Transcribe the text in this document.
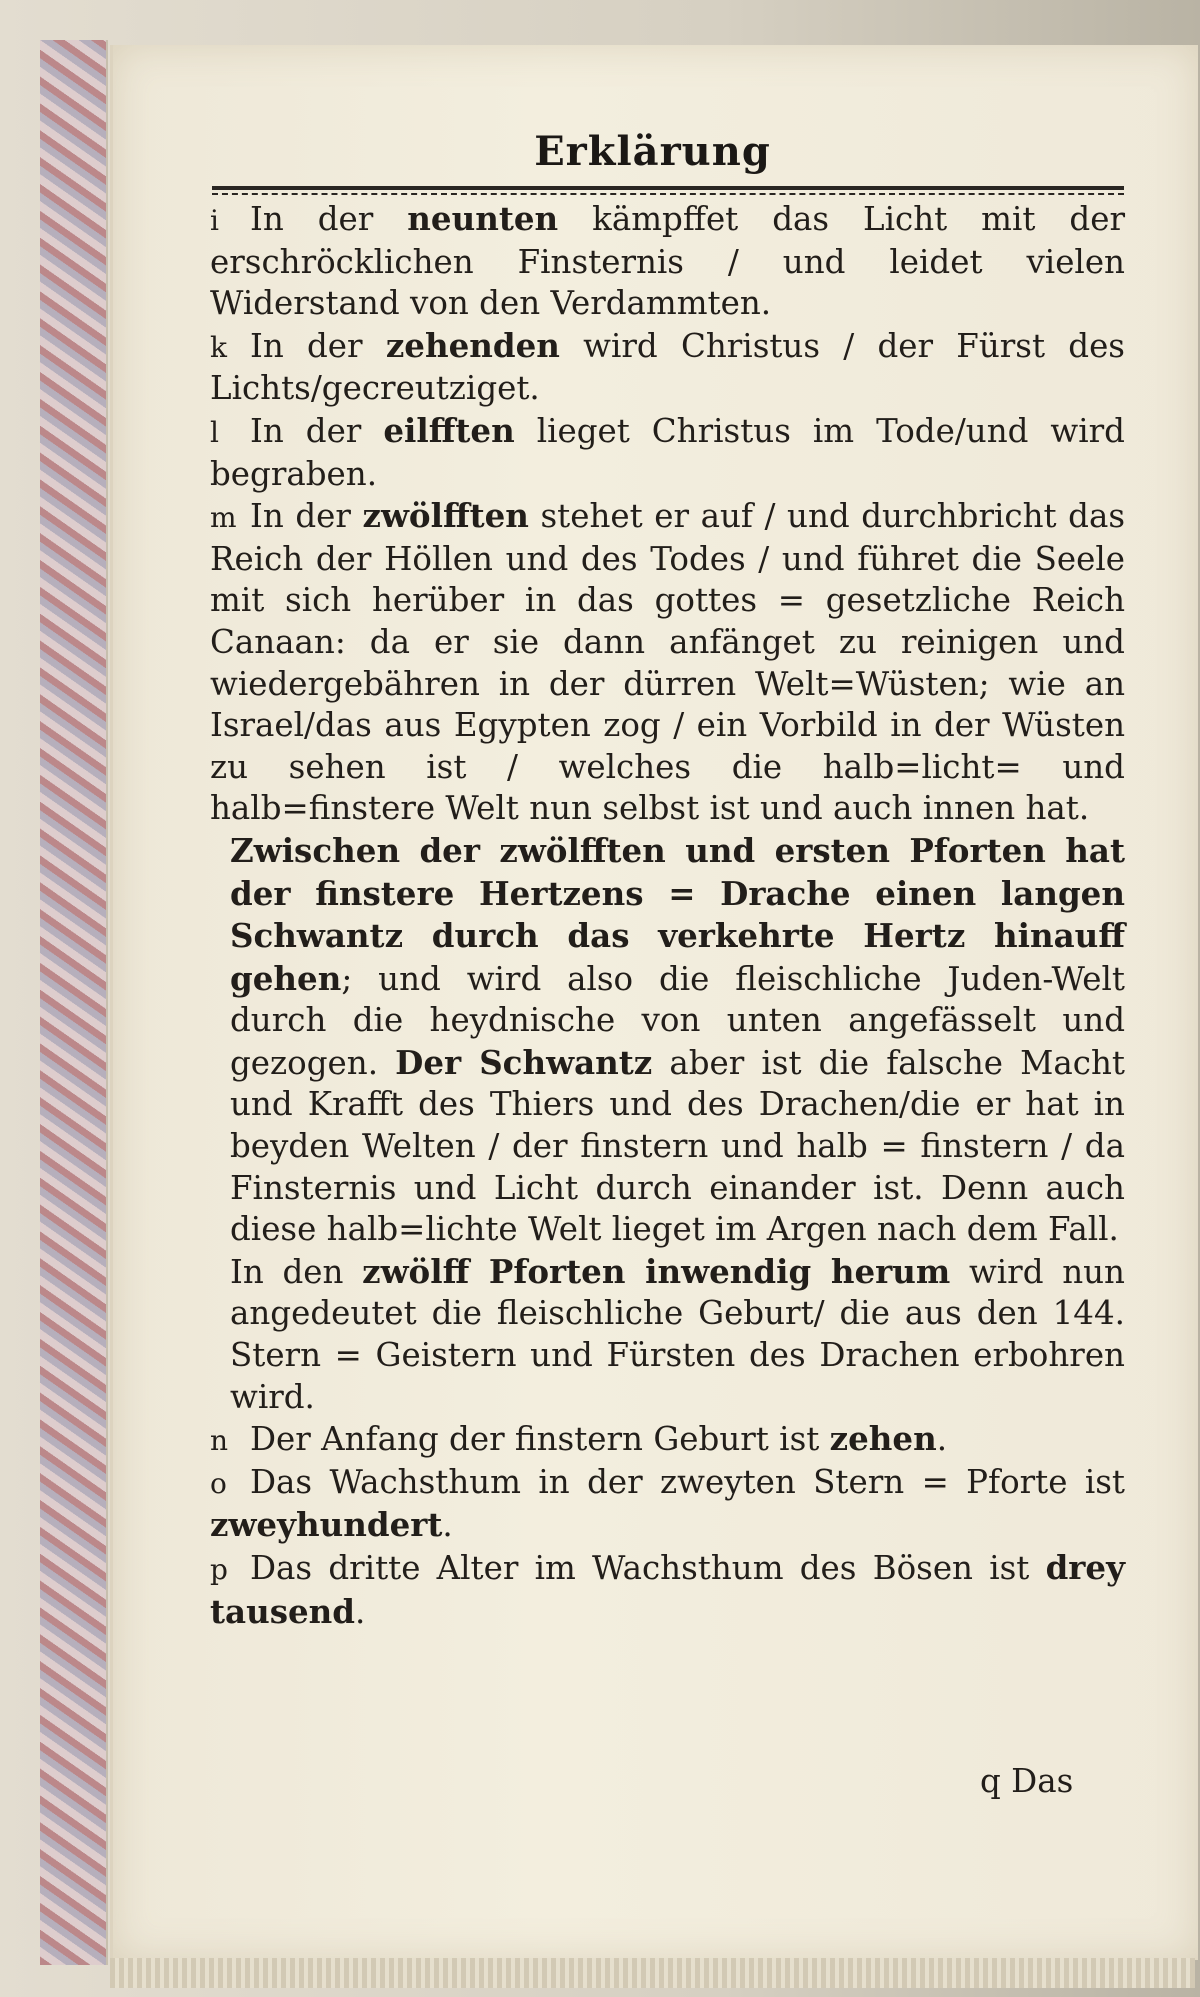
Erklärung

i In der neunten kämpffet das Licht mit der erschröcklichen Finsternis / und leidet vielen Widerstand von den Verdammten.

k In der zehenden wird Christus / der Fürst des Lichts/gecreutziget.

l In der eilfften lieget Christus im Tode/und wird begraben.

m In der zwölfften stehet er auf / und durchbricht das Reich der Höllen und des Todes / und führet die Seele mit sich herüber in das gottes = gesetzliche Reich Canaan: da er sie dann anfänget zu reinigen und wiedergebähren in der dürren Welt=Wüsten; wie an Israel/das aus Egypten zog / ein Vorbild in der Wüsten zu sehen ist / welches die halb=licht= und halb=finstere Welt nun selbst ist und auch innen hat.

Zwischen der zwölfften und ersten Pforten hat der finstere Hertzens = Drache einen langen Schwantz durch das verkehrte Hertz hinauff gehen; und wird also die fleischliche Juden-Welt durch die heydnische von unten angefässelt und gezogen. Der Schwantz aber ist die falsche Macht und Krafft des Thiers und des Drachen/die er hat in beyden Welten / der finstern und halb = finstern / da Finsternis und Licht durch einander ist. Denn auch diese halb=lichte Welt lieget im Argen nach dem Fall.

In den zwölff Pforten inwendig herum wird nun angedeutet die fleischliche Geburt/ die aus den 144. Stern = Geistern und Fürsten des Drachen erbohren wird.

n Der Anfang der finstern Geburt ist zehen.

o Das Wachsthum in der zweyten Stern = Pforte ist zweyhundert.

p Das dritte Alter im Wachsthum des Bösen ist drey tausend.

q Das
